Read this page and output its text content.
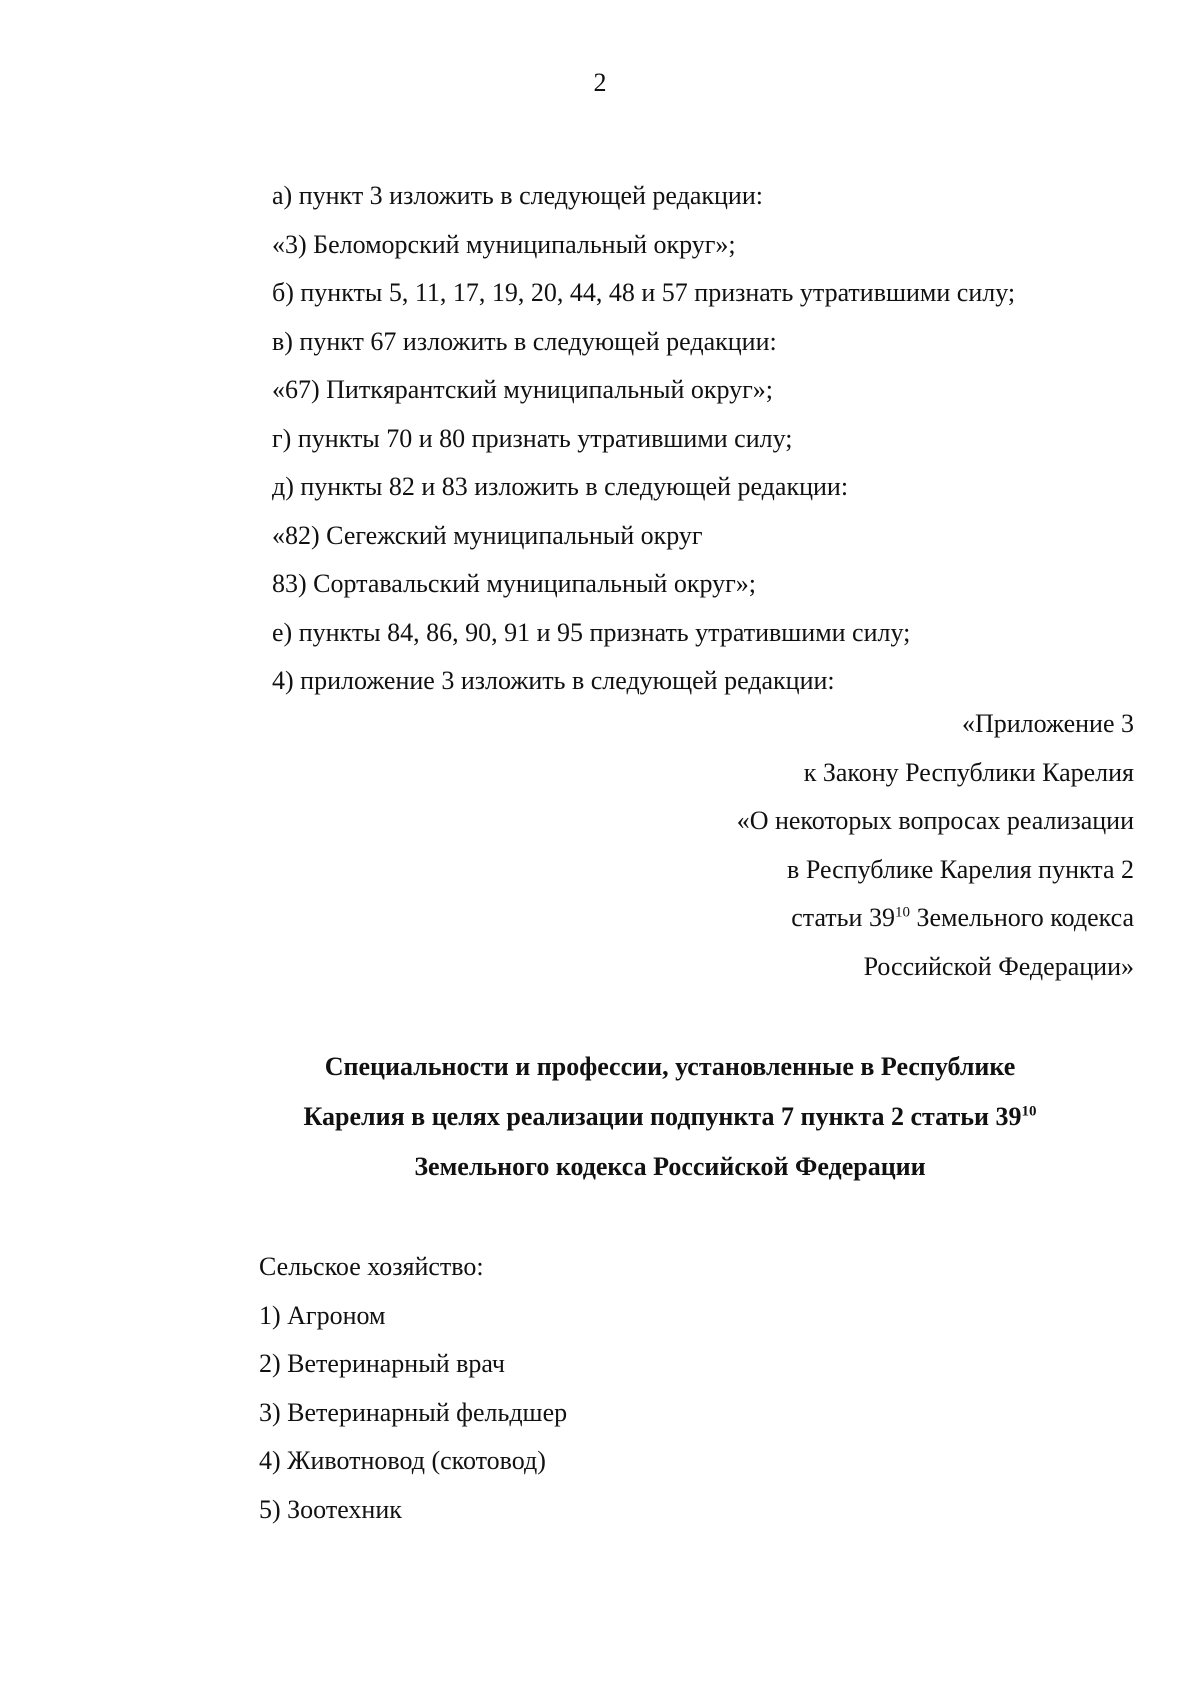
2
а) пункт 3 изложить в следующей редакции:
«3) Беломорский муниципальный округ»;
б) пункты 5, 11, 17, 19, 20, 44, 48 и 57 признать утратившими силу;
в) пункт 67 изложить в следующей редакции:
«67) Питкярантский муниципальный округ»;
г) пункты 70 и 80 признать утратившими силу;
д) пункты 82 и 83 изложить в следующей редакции:
«82) Сегежский муниципальный округ
83) Сортавальский муниципальный округ»;
е) пункты 84, 86, 90, 91 и 95 признать утратившими силу;
4) приложение 3 изложить в следующей редакции:
«Приложение 3
к Закону Республики Карелия
«О некоторых вопросах реализации
в Республике Карелия пункта 2
статьи $39^{10}$ Земельного кодекса
Российской Федерации»
Специальности и профессии, установленные в Республике
Карелия в целях реализации подпункта 7 пункта 2 статьи $39^{10}$
Земельного кодекса Российской Федерации
Сельское хозяйство:
1) Агроном
2) Ветеринарный врач
3) Ветеринарный фельдшер
4) Животновод (скотовод)
5) Зоотехник
